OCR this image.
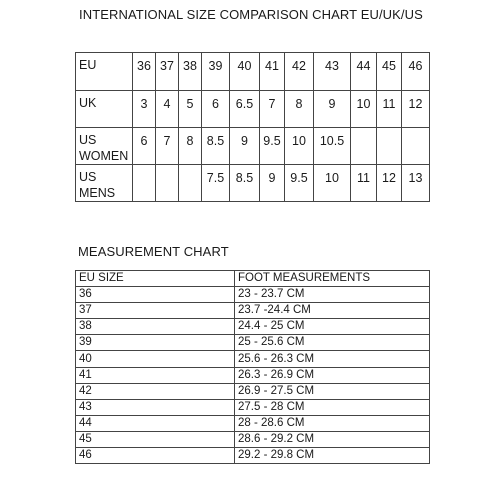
INTERNATIONAL SIZE COMPARISON CHART EU/UK/US
EU	36	37	38	39	40	41	42	43	44	45	46

UK	3	4	5	6	6.5	7	8	9	10	11	12

US
WOMEN	6	7	8	8.5	9	9.5	10	10.5			

US
MENS				7.5	8.5	9	9.5	10	11	12	13
MEASUREMENT CHART
EU SIZE	FOOT MEASUREMENTS
36	23 - 23.7 CM
37	23.7 -24.4 CM
38	24.4 - 25 CM
39	25 - 25.6 CM
40	25.6 - 26.3 CM
41	26.3 - 26.9 CM
42	26.9 - 27.5 CM
43	27.5 - 28 CM
44	28 - 28.6 CM
45	28.6 - 29.2 CM
46	29.2 - 29.8 CM
